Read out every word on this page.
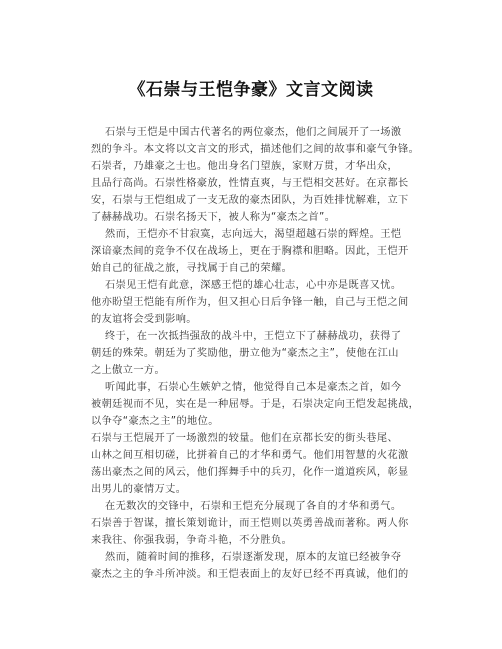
《石崇与王恺争豪》文言文阅读
石崇与王恺是中国古代著名的两位豪杰，他们之间展开了一场激
烈的争斗。本文将以文言文的形式，描述他们之间的故事和豪气争锋。
石崇者，乃雄豪之士也。他出身名门望族，家财万贯，才华出众，
且品行高尚。石崇性格豪放，性情直爽，与王恺相交甚好。在京都长
安，石崇与王恺组成了一支无敌的豪杰团队，为百姓排忧解难，立下
了赫赫战功。石崇名扬天下，被人称为“豪杰之首”。
然而，王恺亦不甘寂寞，志向远大，渴望超越石崇的辉煌。王恺
深谙豪杰间的竞争不仅在战场上，更在于胸襟和胆略。因此，王恺开
始自己的征战之旅，寻找属于自己的荣耀。
石崇见王恺有此意，深感王恺的雄心壮志，心中亦是既喜又忧。
他亦盼望王恺能有所作为，但又担心日后争锋一触，自己与王恺之间
的友谊将会受到影响。
终于，在一次抵挡强敌的战斗中，王恺立下了赫赫战功，获得了
朝廷的殊荣。朝廷为了奖励他，册立他为“豪杰之主”，使他在江山
之上傲立一方。
听闻此事，石崇心生嫉妒之情，他觉得自己本是豪杰之首，如今
被朝廷视而不见，实在是一种屈辱。于是，石崇决定向王恺发起挑战，
以争夺“豪杰之主”的地位。
石崇与王恺展开了一场激烈的较量。他们在京都长安的街头巷尾、
山林之间互相切磋，比拼着自己的才华和勇气。他们用智慧的火花激
荡出豪杰之间的风云，他们挥舞手中的兵刃，化作一道道疾风，彰显
出男儿的豪情万丈。
在无数次的交锋中，石崇和王恺充分展现了各自的才华和勇气。
石崇善于智谋，擅长策划诡计，而王恺则以英勇善战而著称。两人你
来我往、你强我弱，争奇斗艳，不分胜负。
然而，随着时间的推移，石崇逐渐发现，原本的友谊已经被争夺
豪杰之主的争斗所冲淡。和王恺表面上的友好已经不再真诚，他们的
